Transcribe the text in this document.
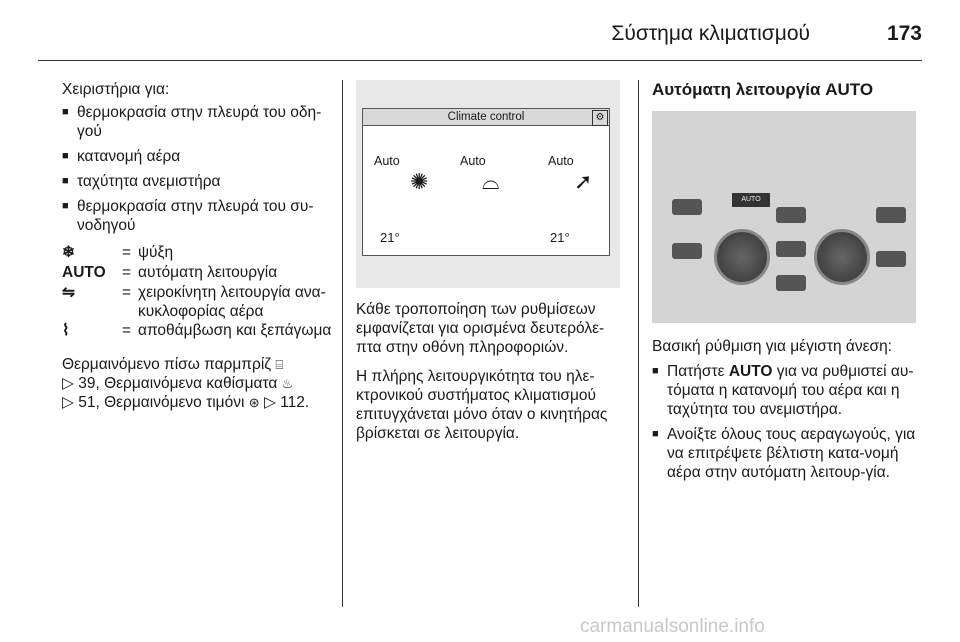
Σύστημα κλιματισμού	173

Χειριστήρια για:

■ θερμοκρασία στην πλευρά του οδη-γού
■ κατανομή αέρα
■ ταχύτητα ανεμιστήρα
■ θερμοκρασία στην πλευρά του συ-νοδηγού
❄	= ψύξη
AUTO = αυτόματη λειτουργία
⇋	= χειροκίνητη λειτουργία ανα-κυκλοφορίας αέρα
⌇	= αποθάμβωση και ξεπάγωμα

Θερμαινόμενο πίσω παρμπρίζ ⌸

▷ 39, Θερμαινόμενα καθίσματα ♨

▷ 51, Θερμαινόμενο τιμόνι ⊛ ▷ 112.

Climate control	⚙
Auto	Auto	Auto
✺ ⌓	➚
21°	21°

Κάθε τροποποίηση των ρυθμίσεων εμφανίζεται για ορισμένα δευτερόλε-πτα στην οθόνη πληροφοριών.

Η πλήρης λειτουργικότητα του ηλε-κτρονικού συστήματος κλιματισμού επιτυγχάνεται μόνο όταν ο κινητήρας βρίσκεται σε λειτουργία.

Αυτόματη λειτουργία AUTO
AUTO

Βασική ρύθμιση για μέγιστη άνεση:

■ Πατήστε AUTO για να ρυθμιστεί αυ-τόματα η κατανομή του αέρα και η ταχύτητα του ανεμιστήρα.
■ Ανοίξτε όλους τους αεραγωγούς, για να επιτρέψετε βέλτιστη κατα-νομή αέρα στην αυτόματη λειτουρ-γία.
carmanualsonline.info
